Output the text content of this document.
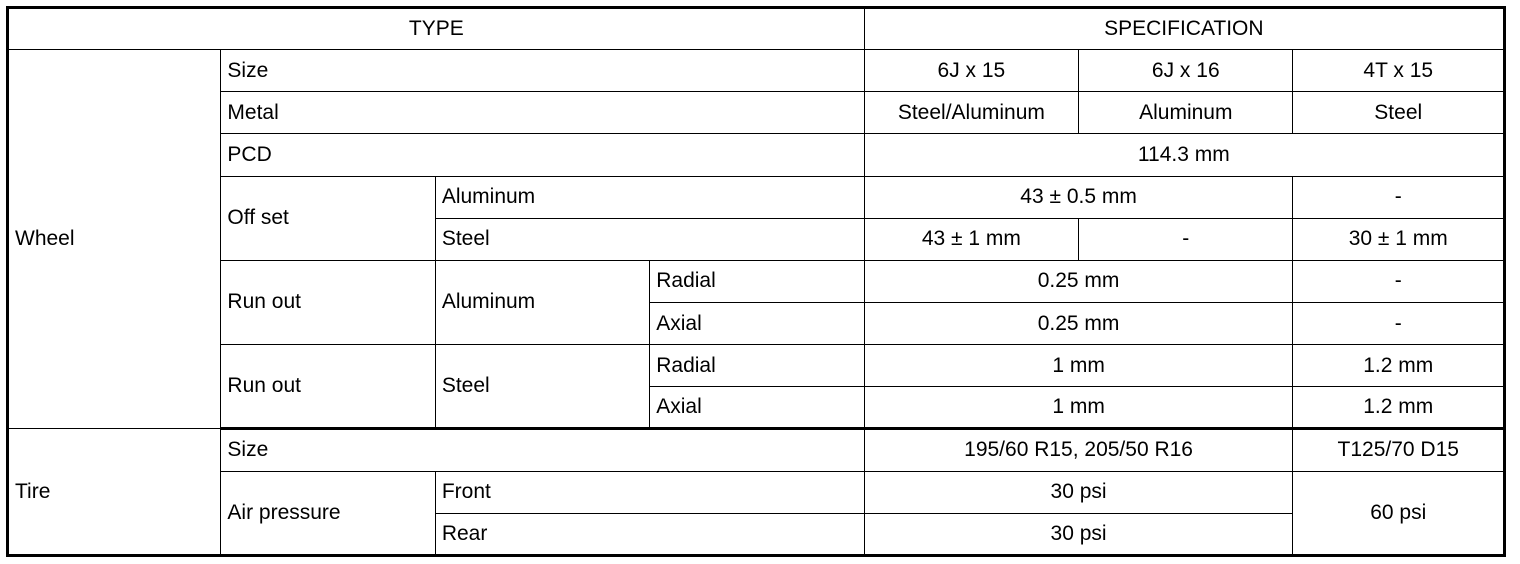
TYPE				SPECIFICATION		
Wheel	Size			6J x 15	6J x 16	4T x 15
	Metal			Steel/Aluminum	Aluminum	Steel
	PCD			114.3 mm		
	Off set	Aluminum		43 ± 0.5 mm		-
		Steel		43 ± 1 mm	-	30 ± 1 mm
	Run out	Aluminum	Radial	0.25 mm		-
			Axial	0.25 mm		-
	Run out	Steel	Radial	1 mm		1.2 mm
			Axial	1 mm		1.2 mm
Tire	Size			195/60 R15, 205/50 R16		T125/70 D15
	Air pressure	Front		30 psi		60 psi
		Rear		30 psi		
